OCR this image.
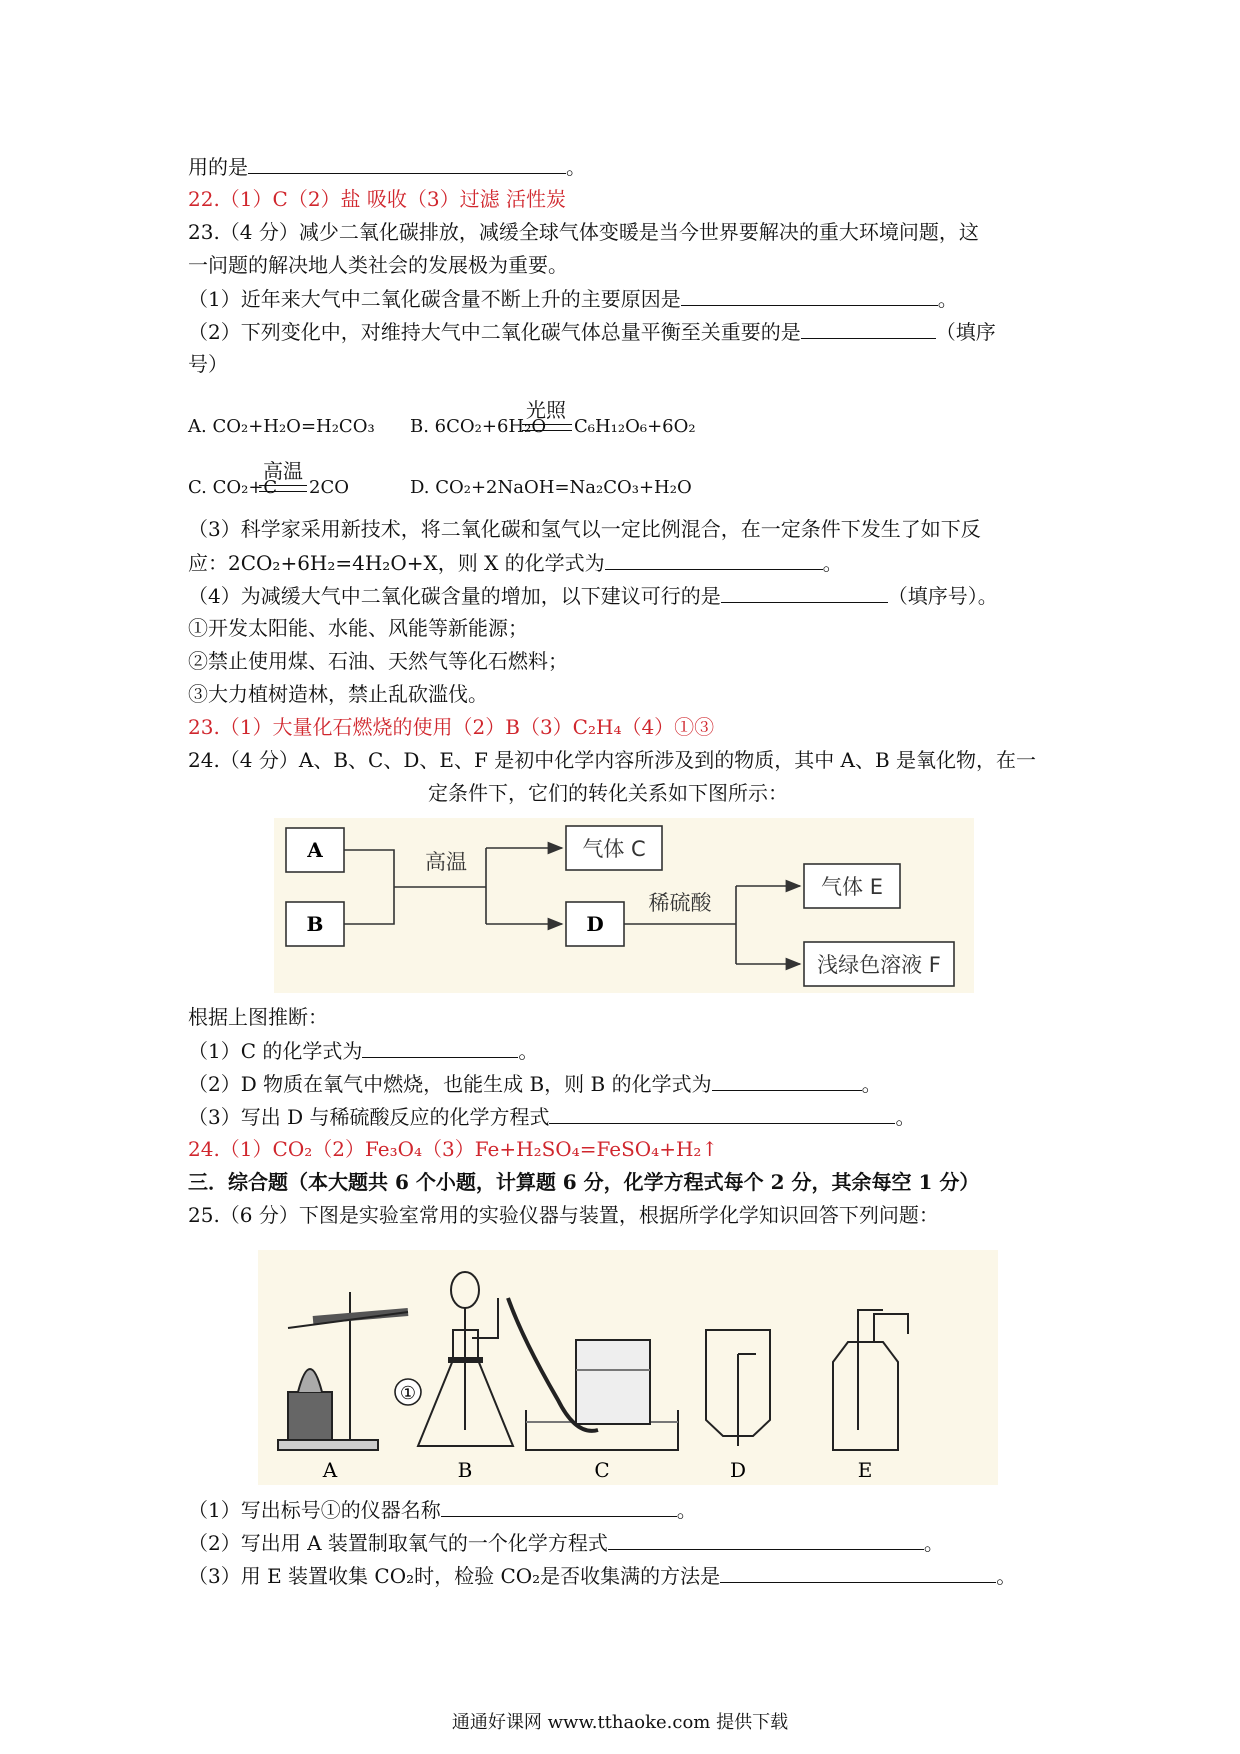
用的是	。
22.（1）C（2）盐 吸收（3）过滤 活性炭
23.（4 分）减少二氧化碳排放，减缓全球气体变暖是当今世界要解决的重大环境问题，这
一问题的解决地人类社会的发展极为重要。
（1）近年来大气中二氧化碳含量不断上升的主要原因是	。
（2）下列变化中，对维持大气中二氧化碳气体总量平衡至关重要的是	（填序
号）
A. CO₂+H₂O=H₂CO₃ B. 6CO₂+6H₂O
光照
C₆H₁₂O₆+6O₂
C. CO₂+C
高温
2CO	D. CO₂+2NaOH=Na₂CO₃+H₂O
（3）科学家采用新技术，将二氧化碳和氢气以一定比例混合，在一定条件下发生了如下反
应：2CO₂+6H₂=4H₂O+X，则 X 的化学式为	。
（4）为减缓大气中二氧化碳含量的增加，以下建议可行的是	（填序号）。
①开发太阳能、水能、风能等新能源；
②禁止使用煤、石油、天然气等化石燃料；
③大力植树造林，禁止乱砍滥伐。
23.（1）大量化石燃烧的使用（2）B（3）C₂H₄（4）①③
24.（4 分）A、B、C、D、E、F 是初中化学内容所涉及到的物质，其中 A、B 是氧化物，在一
定条件下，它们的转化关系如下图所示：
A
B
高温
气体 C
D
稀硫酸
气体 E
浅绿色溶液 F
根据上图推断：
（1）C 的化学式为	。
（2）D 物质在氧气中燃烧，也能生成 B，则 B 的化学式为	。
（3）写出 D 与稀硫酸反应的化学方程式	。
24.（1）CO₂（2）Fe₃O₄（3）Fe+H₂SO₄=FeSO₄+H₂↑
三．综合题（本大题共 6 个小题，计算题 6 分，化学方程式每个 2 分，其余每空 1 分）
25.（6 分）下图是实验室常用的实验仪器与装置，根据所学化学知识回答下列问题：
①
A	B	C	D	E
（1）写出标号①的仪器名称	。
（2）写出用 A 装置制取氧气的一个化学方程式	。
（3）用 E 装置收集 CO₂时，检验 CO₂是否收集满的方法是	。
通通好课网 www.tthaoke.com 提供下载
